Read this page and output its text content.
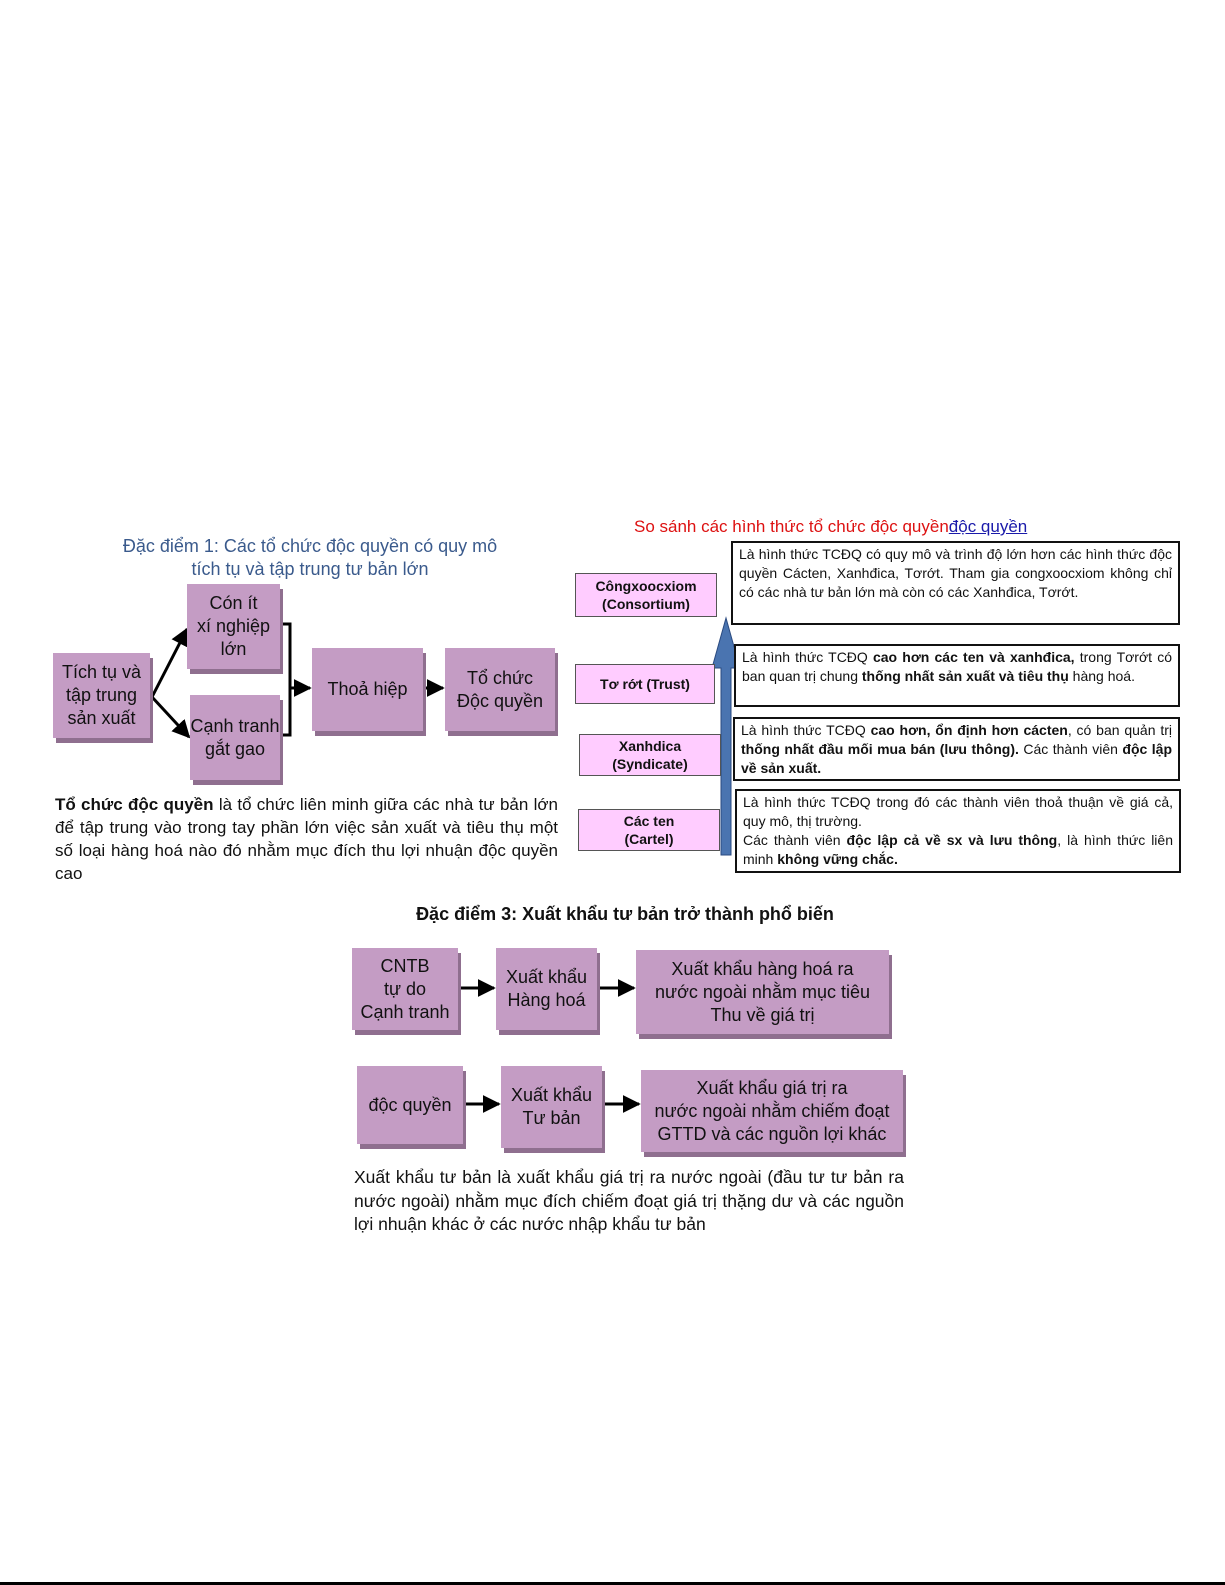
Đặc điểm 1: Các tổ chức độc quyền có quy mô
tích tụ và tập trung tư bản lớn
Tích tụ và
tập trung
sản xuất
Cón ít
xí nghiệp
lớn
Cạnh tranh
gắt gao
Thoả hiệp
Tổ chức
Độc quyền
Tổ chức độc quyền là tổ chức liên minh giữa các nhà tư bản lớn để tập trung vào trong tay phần lớn việc sản xuất và tiêu thụ một số loại hàng hoá nào đó nhằm mục đích thu lợi nhuận độc quyền cao
So sánh các hình thức tổ chức độc quyềnđộc quyền
Côngxoocxiom
(Consortium)
Tơ rớt (Trust)
Xanhdica
(Syndicate)
Các ten
(Cartel)
Là hình thức TCĐQ có quy mô và trình độ lớn hơn các hình thức độc quyền Cácten, Xanhđica, Tơrớt. Tham gia congxoocxiom không chỉ có các nhà tư bản lớn mà còn có các Xanhđica, Tơrớt.
Là hình thức TCĐQ cao hơn các ten và xanhđica, trong Tơrớt có ban quan trị chung thống nhất sản xuất và tiêu thụ hàng hoá.
Là hình thức TCĐQ cao hơn, ổn định hơn cácten, có ban quản trị thống nhất đầu mối mua bán (lưu thông). Các thành viên độc lập về sản xuất.
Là hình thức TCĐQ trong đó các thành viên thoả thuận về giá cả, quy mô, thị trường.
Các thành viên độc lập cả về sx và lưu thông, là hình thức liên minh không vững chắc.
Đặc điểm 3: Xuất khẩu tư bản trở thành phổ biến
CNTB
tự do
Cạnh tranh
Xuất khẩu
Hàng hoá
Xuất khẩu hàng hoá ra
nước ngoài nhằm mục tiêu
Thu về giá trị
độc quyền	Xuất khẩu
Tư bản
Xuất khẩu giá trị ra
nước ngoài nhằm chiếm đoạt
GTTD và các nguồn lợi khác
Xuất khẩu tư bản là xuất khẩu giá trị ra nước ngoài (đầu tư tư bản ra nước ngoài) nhằm mục đích chiếm đoạt giá trị thặng dư và các nguồn lợi nhuận khác ở các nước nhập khẩu tư bản
